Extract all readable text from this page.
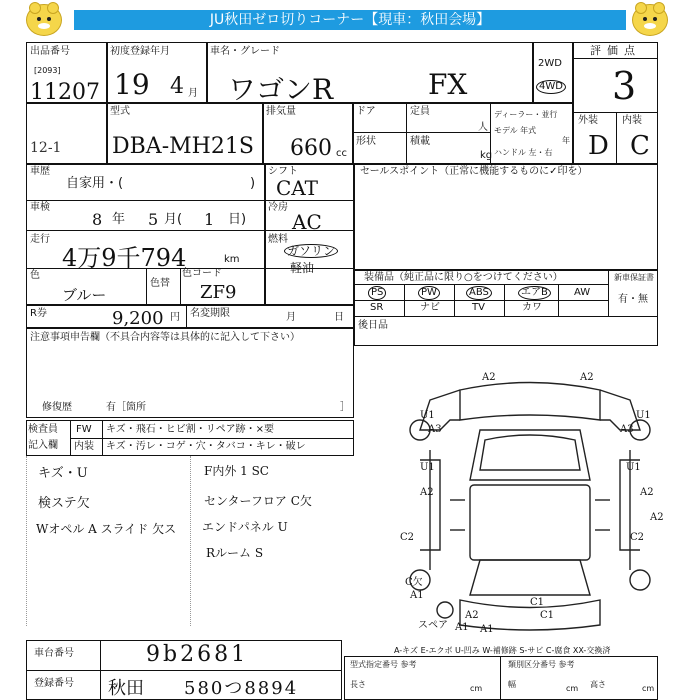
JU秋田ゼロ切りコーナー【現車：秋田会場】
出品番号
[2093]
11207
12-1
初度登録年月
19 4 月
車名・グレード
ワゴンR	FX
2WD
4WD
評価点
3
外装 内装
D C
型式
DBA-MH21S
排気量
660 cc
ドア	定員
人
形状	積載
kg
ディーラー・並行
モデル 年式
年
ハンドル 左・右
車歴
自家用・(	)
シフト
CAT
車検
8 年 5 月( 1 日)
冷房
AC
走行
4万9千794	km
燃料
ガソリン
軽油
色
ブルー
色替
色コード
ZF9
R券	9,200 円 名変期限	月	日
セールスポイント（正常に機能するものに✓印を）
装備品（純正品に限り○をつけてください）
PS	PW	ABS	エアB	AW
SR	ナビ	TV	カワ
新車保証書
有・無
後日品
注意事項申告欄（不具合内容等は具体的に記入して下さい）
修復歴	有［箇所	］
検査員
記入欄
FW
内装
キズ・飛石・ヒビ割・リペア跡・×要
キズ・汚レ・コゲ・穴・タバコ・キレ・破レ
キズ・U
検ステ欠
Wオペル A スライド 欠ス
F内外 1 SC
センターフロア C欠
エンドパネル U
Rルーム S
A2	A2
U1
A3	A3
U1
U1	U1
A2	A2
A2
C2	C2
C1
C欠
A1
A2	C1
A1 A1
スペア
A-キズ E-エクボ U-凹み W-補修跡 S-サビ C-腐食 XX-交換済
車台番号	9b2681
登録番号 秋田 580つ8894
型式指定番号 参考	類別区分番号 参考
長さ	cm	幅	cm 高さ	cm
